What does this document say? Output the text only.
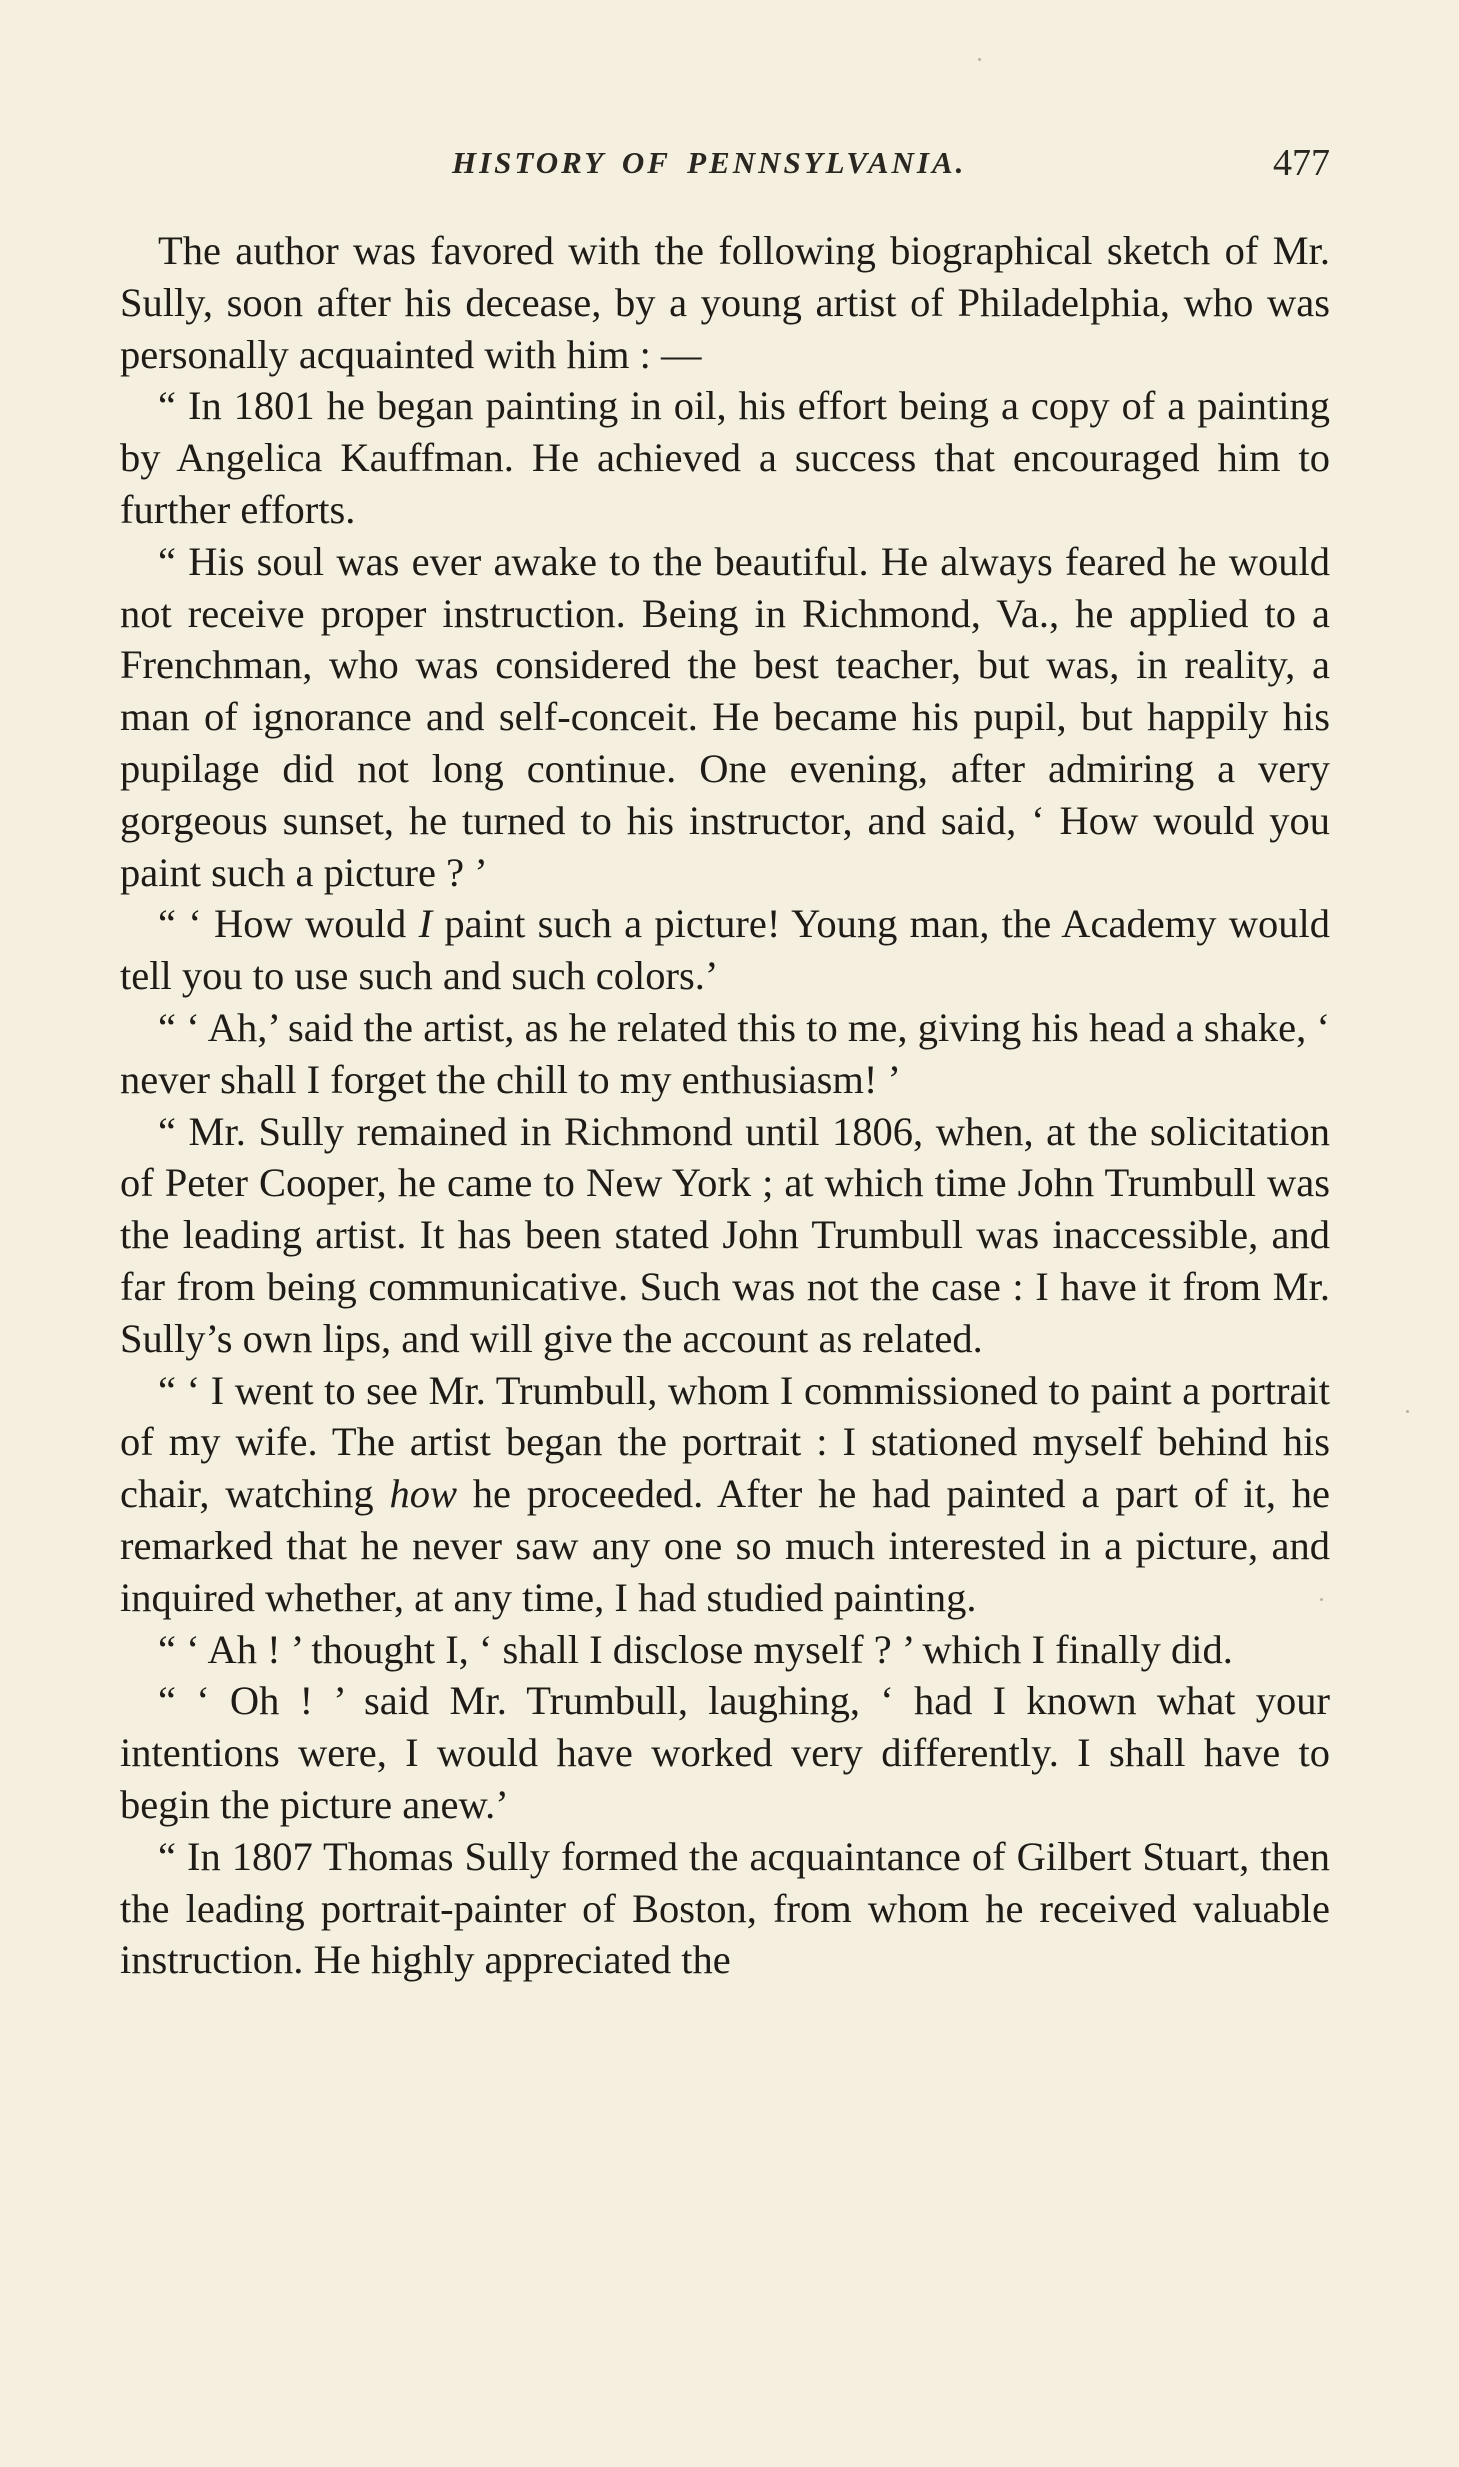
HISTORY OF PENNSYLVANIA.	477

The author was favored with the following biographical sketch of Mr. Sully, soon after his decease, by a young artist of Philadelphia, who was personally acquainted with him : —

“ In 1801 he began painting in oil, his effort being a copy of a painting by Angelica Kauffman. He achieved a success that encouraged him to further efforts.

“ His soul was ever awake to the beautiful. He always feared he would not receive proper instruction. Being in Richmond, Va., he applied to a Frenchman, who was considered the best teacher, but was, in reality, a man of ignorance and self-conceit. He became his pupil, but happily his pupilage did not long continue. One evening, after admiring a very gorgeous sunset, he turned to his instructor, and said, ‘ How would you paint such a picture ? ’

“ ‘ How would I paint such a picture! Young man, the Academy would tell you to use such and such colors.’

“ ‘ Ah,’ said the artist, as he related this to me, giving his head a shake, ‘ never shall I forget the chill to my enthusiasm! ’

“ Mr. Sully remained in Richmond until 1806, when, at the solicitation of Peter Cooper, he came to New York ; at which time John Trumbull was the leading artist. It has been stated John Trumbull was inaccessible, and far from being communicative. Such was not the case : I have it from Mr. Sully’s own lips, and will give the account as related.

“ ‘ I went to see Mr. Trumbull, whom I commissioned to paint a portrait of my wife. The artist began the portrait : I stationed myself behind his chair, watching how he proceeded. After he had painted a part of it, he remarked that he never saw any one so much interested in a picture, and inquired whether, at any time, I had studied painting.

“ ‘ Ah ! ’ thought I, ‘ shall I disclose myself ? ’ which I finally did.

“ ‘ Oh ! ’ said Mr. Trumbull, laughing, ‘ had I known what your intentions were, I would have worked very differently. I shall have to begin the picture anew.’

“ In 1807 Thomas Sully formed the acquaintance of Gilbert Stuart, then the leading portrait-painter of Boston, from whom he received valuable instruction. He highly appreciated the
